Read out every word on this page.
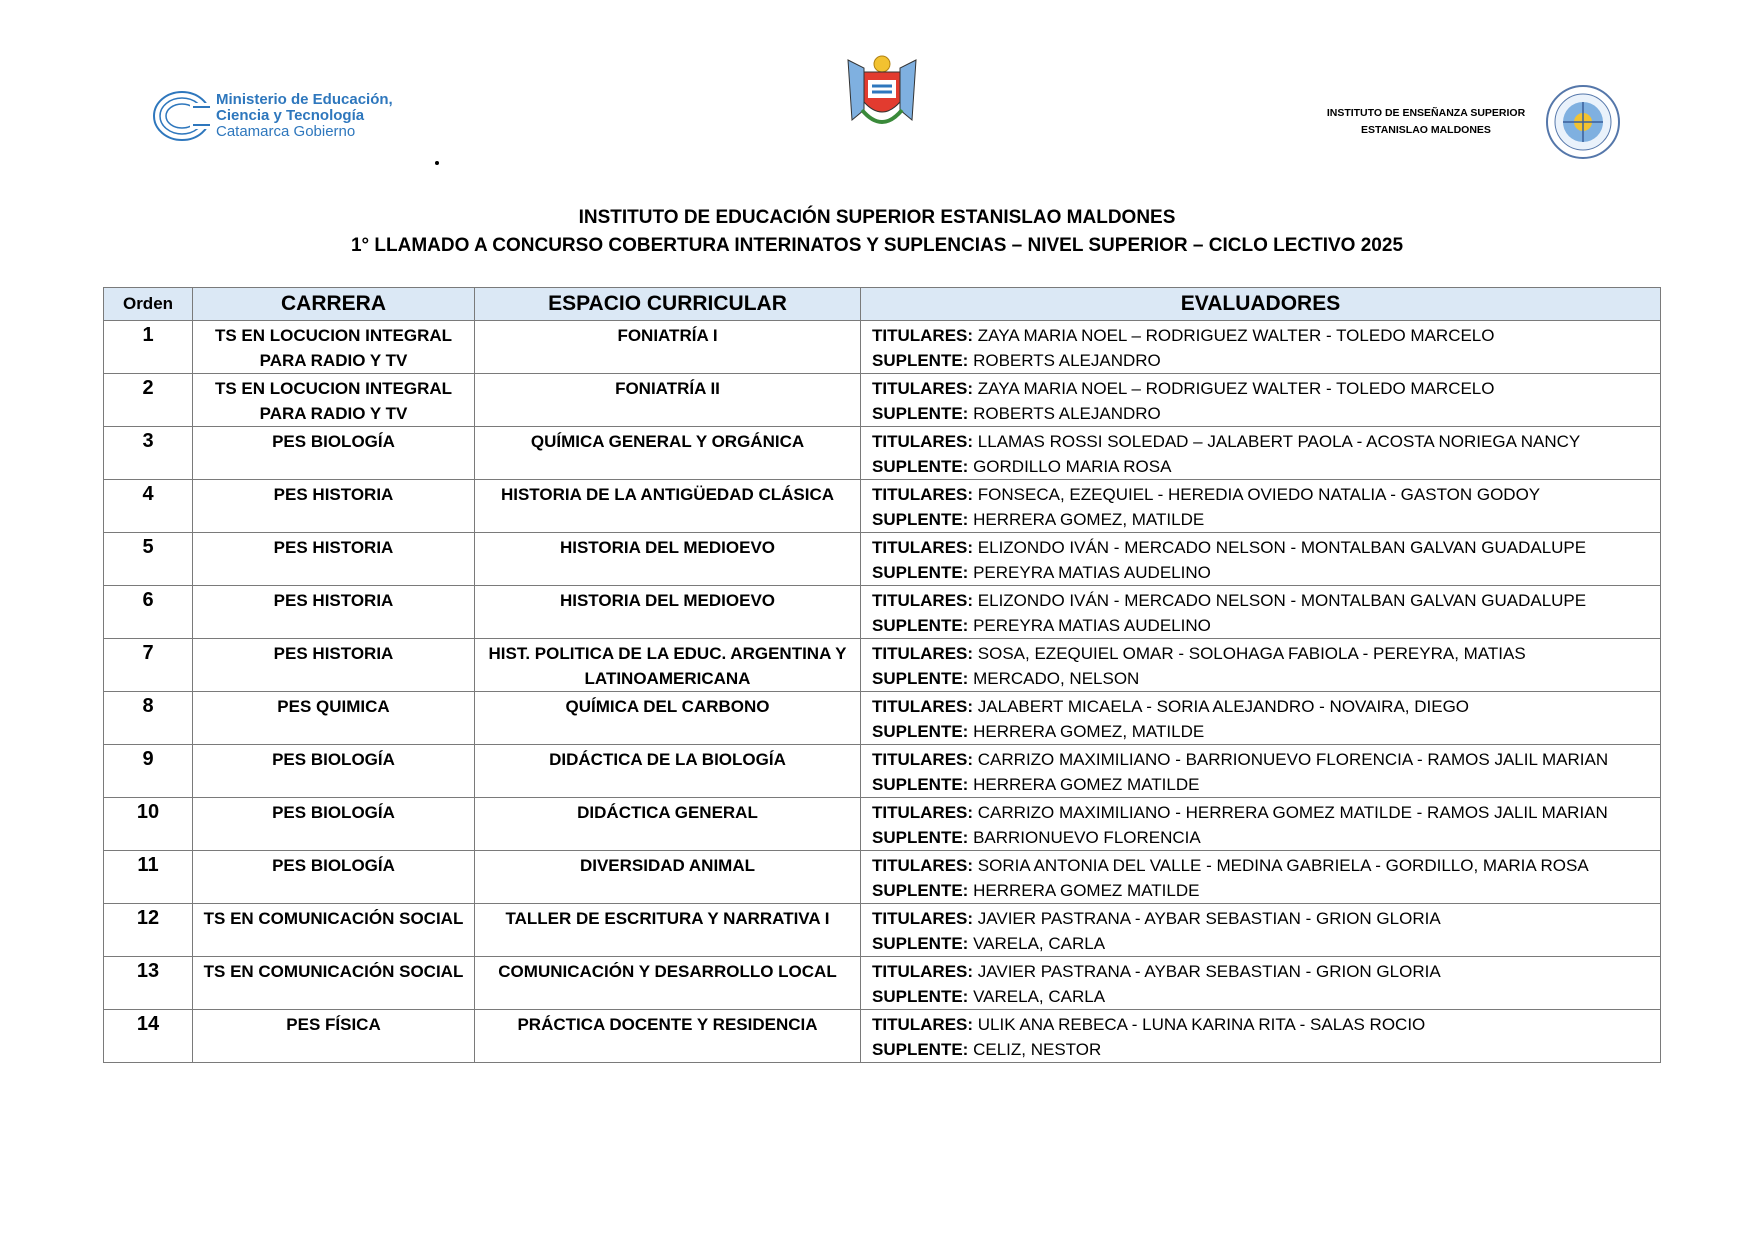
Ministerio de Educación,
Ciencia y Tecnología
Catamarca Gobierno
INSTITUTO DE ENSEÑANZA SUPERIOR
ESTANISLAO MALDONES
INSTITUTO DE EDUCACIÓN SUPERIOR ESTANISLAO MALDONES
1° LLAMADO A CONCURSO COBERTURA INTERINATOS Y SUPLENCIAS – NIVEL SUPERIOR – CICLO LECTIVO 2025
Orden	CARRERA	ESPACIO CURRICULAR	EVALUADORES
1	TS EN LOCUCION INTEGRAL PARA RADIO Y TV	FONIATRÍA I	TITULARES: ZAYA MARIA NOEL – RODRIGUEZ WALTER - TOLEDO MARCELO
SUPLENTE: ROBERTS ALEJANDRO

2	TS EN LOCUCION INTEGRAL PARA RADIO Y TV	FONIATRÍA II	TITULARES: ZAYA MARIA NOEL – RODRIGUEZ WALTER - TOLEDO MARCELO
SUPLENTE: ROBERTS ALEJANDRO

3	PES BIOLOGÍA	QUÍMICA GENERAL Y ORGÁNICA	TITULARES: LLAMAS ROSSI SOLEDAD – JALABERT PAOLA - ACOSTA NORIEGA NANCY
SUPLENTE: GORDILLO MARIA ROSA

4	PES HISTORIA	HISTORIA DE LA ANTIGÜEDAD CLÁSICA	TITULARES: FONSECA, EZEQUIEL - HEREDIA OVIEDO NATALIA - GASTON GODOY
SUPLENTE: HERRERA GOMEZ, MATILDE

5	PES HISTORIA	HISTORIA DEL MEDIOEVO	TITULARES: ELIZONDO IVÁN - MERCADO NELSON - MONTALBAN GALVAN GUADALUPE
SUPLENTE: PEREYRA MATIAS AUDELINO

6	PES HISTORIA	HISTORIA DEL MEDIOEVO	TITULARES: ELIZONDO IVÁN - MERCADO NELSON - MONTALBAN GALVAN GUADALUPE
SUPLENTE: PEREYRA MATIAS AUDELINO

7	PES HISTORIA	HIST. POLITICA DE LA EDUC. ARGENTINA Y LATINOAMERICANA	TITULARES: SOSA, EZEQUIEL OMAR - SOLOHAGA FABIOLA - PEREYRA, MATIAS
SUPLENTE: MERCADO, NELSON

8	PES QUIMICA	QUÍMICA DEL CARBONO	TITULARES: JALABERT MICAELA - SORIA ALEJANDRO - NOVAIRA, DIEGO
SUPLENTE: HERRERA GOMEZ, MATILDE

9	PES BIOLOGÍA	DIDÁCTICA DE LA BIOLOGÍA	TITULARES: CARRIZO MAXIMILIANO - BARRIONUEVO FLORENCIA - RAMOS JALIL MARIAN
SUPLENTE: HERRERA GOMEZ MATILDE

10	PES BIOLOGÍA	DIDÁCTICA GENERAL	TITULARES: CARRIZO MAXIMILIANO - HERRERA GOMEZ MATILDE - RAMOS JALIL MARIAN
SUPLENTE: BARRIONUEVO FLORENCIA

11	PES BIOLOGÍA	DIVERSIDAD ANIMAL	TITULARES: SORIA ANTONIA DEL VALLE - MEDINA GABRIELA - GORDILLO, MARIA ROSA
SUPLENTE: HERRERA GOMEZ MATILDE

12	TS EN COMUNICACIÓN SOCIAL	TALLER DE ESCRITURA Y NARRATIVA I	TITULARES: JAVIER PASTRANA - AYBAR SEBASTIAN - GRION GLORIA
SUPLENTE: VARELA, CARLA

13	TS EN COMUNICACIÓN SOCIAL	COMUNICACIÓN Y DESARROLLO LOCAL	TITULARES: JAVIER PASTRANA - AYBAR SEBASTIAN - GRION GLORIA
SUPLENTE: VARELA, CARLA

14	PES FÍSICA	PRÁCTICA DOCENTE Y RESIDENCIA	TITULARES: ULIK ANA REBECA - LUNA KARINA RITA - SALAS ROCIO
SUPLENTE: CELIZ, NESTOR
